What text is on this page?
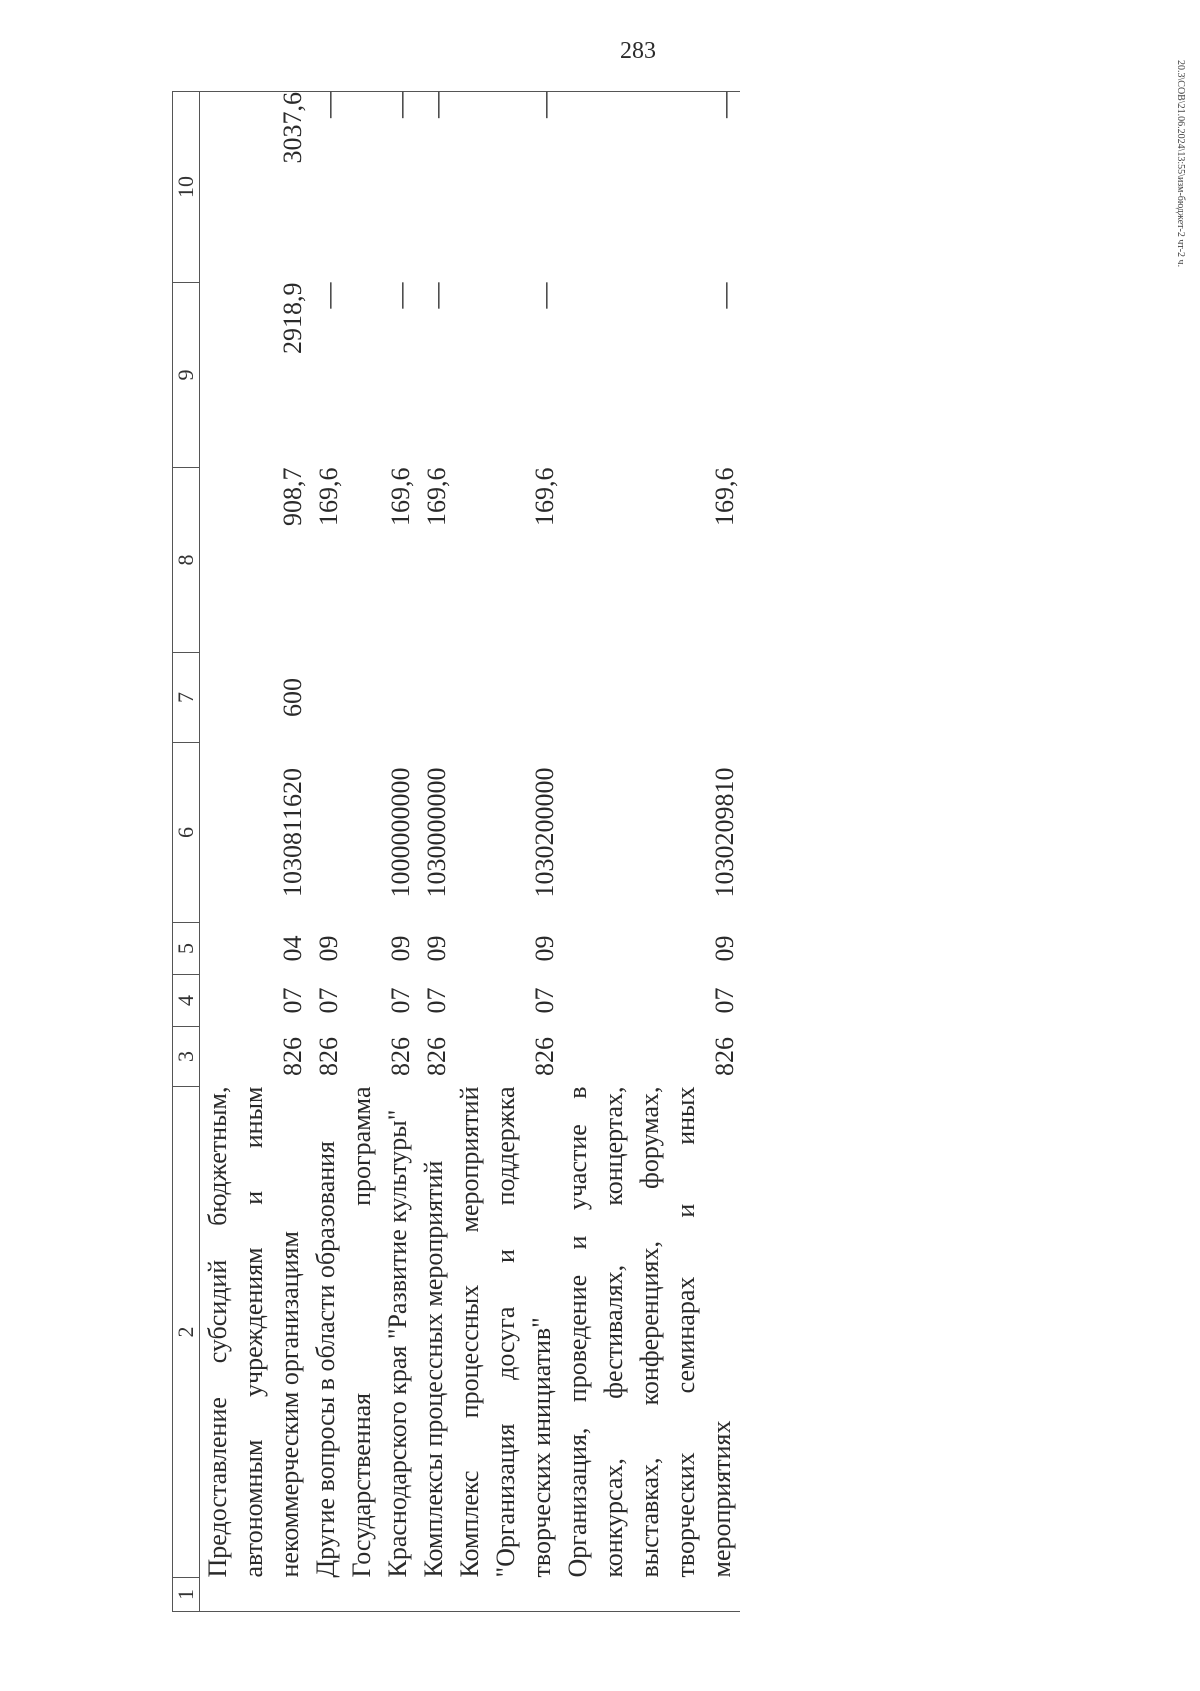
283
20.3\СОВ\21.06.2024\13:55\изм-бюджет-2 чт-2 ч.
1	2	3	4	5	6	7	8	9	10
	Предоставление субсидий бюджетным, автономным учреждениям и иным некоммерческим организациям	826	07	04	1030811620	600	908,7	2918,9	3037,6
	Другие вопросы в области образования	826	07	09			169,6	—	—
	Государственная программа Краснодарского края "Развитие культуры"	826	07	09	1000000000		169,6	—	—
	Комплексы процессных мероприятий	826	07	09	1030000000		169,6	—	—
	Комплекс процессных мероприятий "Организация досуга и поддержка творческих инициатив"	826	07	09	1030200000		169,6	—	—
	Организация, проведение и участие в конкурсах, фестивалях, концертах, выставках, конференциях, форумах, творческих семинарах и иных мероприятиях	826	07	09	1030209810		169,6	—	—
